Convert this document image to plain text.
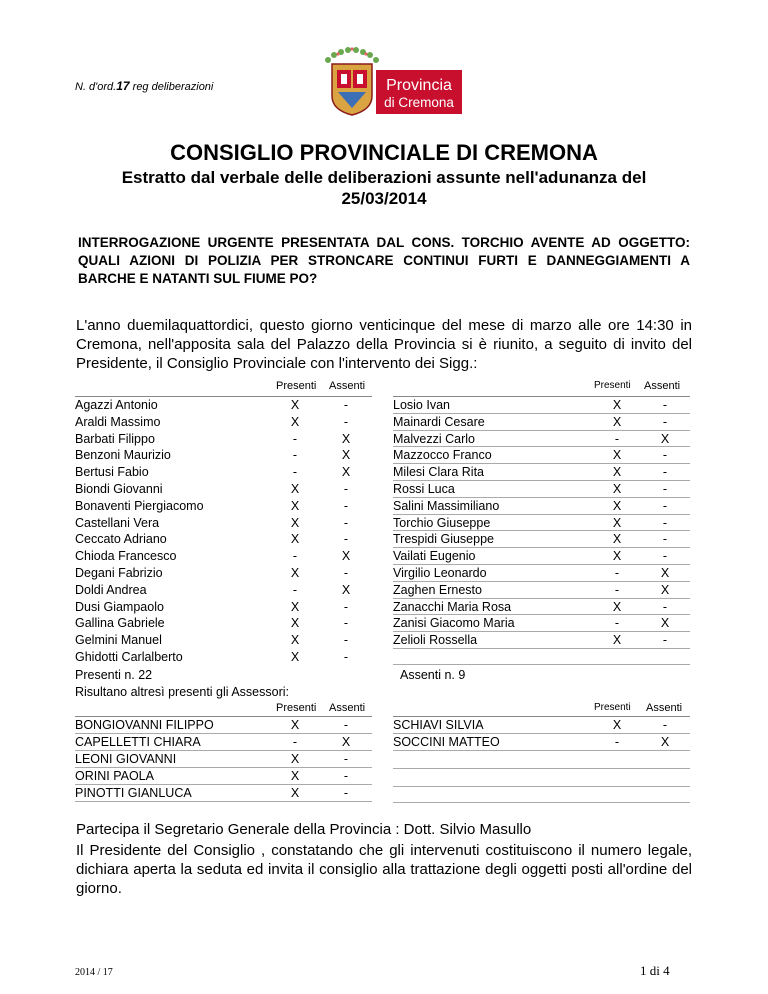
N. d'ord.17 reg deliberazioni	Provincia
di Cremona
CONSIGLIO PROVINCIALE DI CREMONA
Estratto dal verbale delle deliberazioni assunte nell'adunanza del 25/03/2014
INTERROGAZIONE URGENTE PRESENTATA DAL CONS. TORCHIO AVENTE AD OGGETTO: QUALI AZIONI DI POLIZIA PER STRONCARE CONTINUI FURTI E DANNEGGIAMENTI A BARCHE E NATANTI SUL FIUME PO?
L'anno duemilaquattordici, questo giorno venticinque del mese di marzo alle ore 14:30 in Cremona, nell'apposita sala del Palazzo della Provincia si è riunito, a seguito di invito del Presidente, il Consiglio Provinciale con l'intervento dei Sigg.:
Presenti Assenti	Presenti Assenti
Agazzi Antonio	X	-
Araldi Massimo	X	-
Barbati Filippo	-	X
Benzoni Maurizio	-	X
Bertusi Fabio	-	X
Biondi Giovanni	X	-
Bonaventi Piergiacomo	X	-
Castellani Vera	X	-
Ceccato Adriano	X	-
Chioda Francesco	-	X
Degani Fabrizio	X	-
Doldi Andrea	-	X
Dusi Giampaolo	X	-
Gallina Gabriele	X	-
Gelmini Manuel	X	-
Ghidotti Carlalberto	X	-
Losio Ivan	X	-
Mainardi Cesare	X	-
Malvezzi Carlo	-	X
Mazzocco Franco	X	-
Milesi Clara Rita	X	-
Rossi Luca	X	-
Salini Massimiliano	X	-
Torchio Giuseppe	X	-
Trespidi Giuseppe	X	-
Vailati Eugenio	X	-
Virgilio Leonardo	-	X
Zaghen Ernesto	-	X
Zanacchi Maria Rosa	X	-
Zanisi Giacomo Maria	-	X
Zelioli Rossella	X	-
Presenti n. 22	Assenti n. 9
Risultano altresì presenti gli Assessori:
Presenti Assenti	Presenti Assenti
BONGIOVANNI FILIPPO	X	-
CAPELLETTI CHIARA	-	X
LEONI GIOVANNI	X	-
ORINI PAOLA	X	-
PINOTTI GIANLUCA	X	-
SCHIAVI SILVIA	X	-
SOCCINI MATTEO	-	X
Partecipa il Segretario Generale della Provincia : Dott. Silvio Masullo
Il Presidente del Consiglio , constatando che gli intervenuti costituiscono il numero legale, dichiara aperta la seduta ed invita il consiglio alla trattazione degli oggetti posti all'ordine del giorno.
2014 / 17	1 di 4
